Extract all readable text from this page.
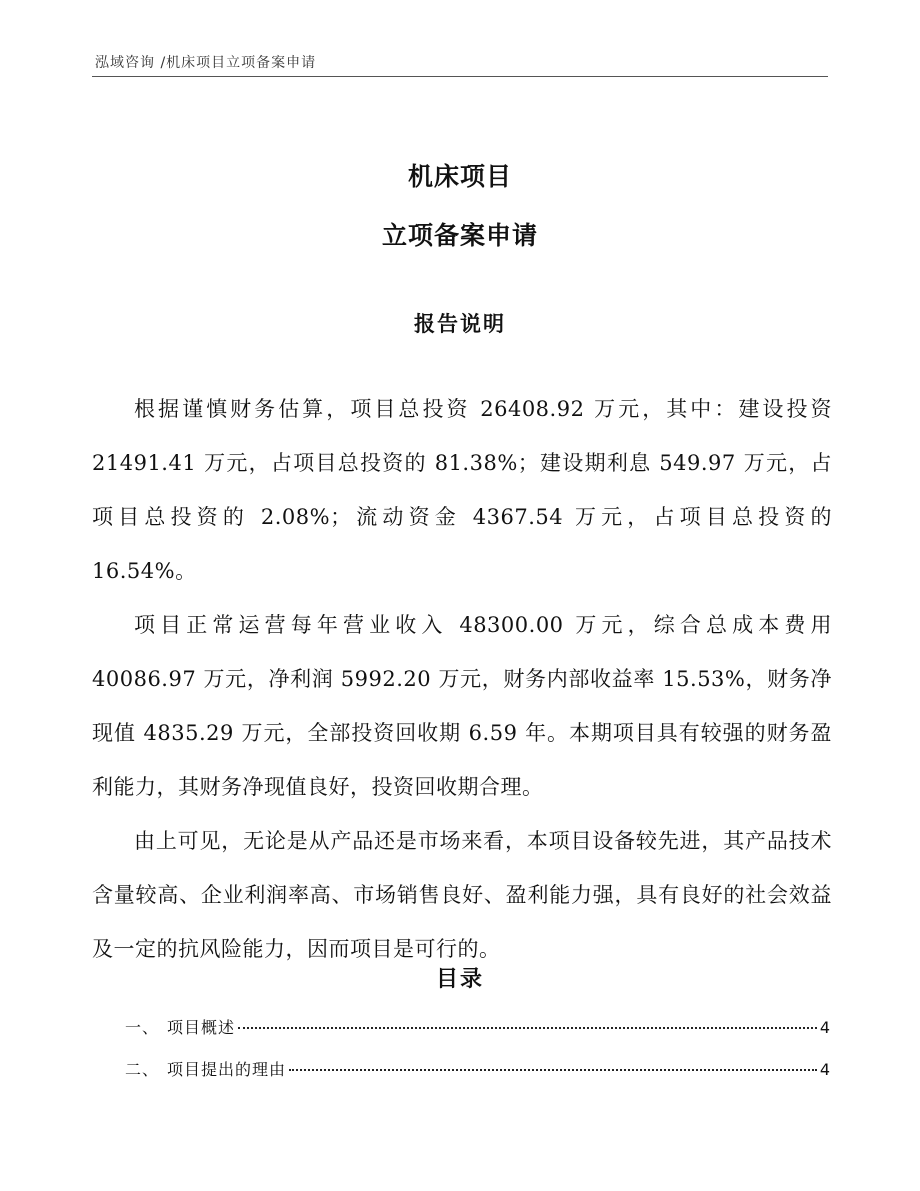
泓域咨询 /机床项目立项备案申请
机床项目
立项备案申请
报告说明

根据谨慎财务估算，项目总投资 26408.92 万元，其中：建设投资 21491.41 万元，占项目总投资的 81.38%；建设期利息 549.97 万元，占项目总投资的 2.08%；流动资金 4367.54 万元，占项目总投资的 16.54%。

项目正常运营每年营业收入 48300.00 万元，综合总成本费用 40086.97 万元，净利润 5992.20 万元，财务内部收益率 15.53%，财务净现值 4835.29 万元，全部投资回收期 6.59 年。本期项目具有较强的财务盈利能力，其财务净现值良好，投资回收期合理。

由上可见，无论是从产品还是市场来看，本项目设备较先进，其产品技术含量较高、企业利润率高、市场销售良好、盈利能力强，具有良好的社会效益及一定的抗风险能力，因而项目是可行的。

目录
一、 项目概述	4
二、 项目提出的理由	4
